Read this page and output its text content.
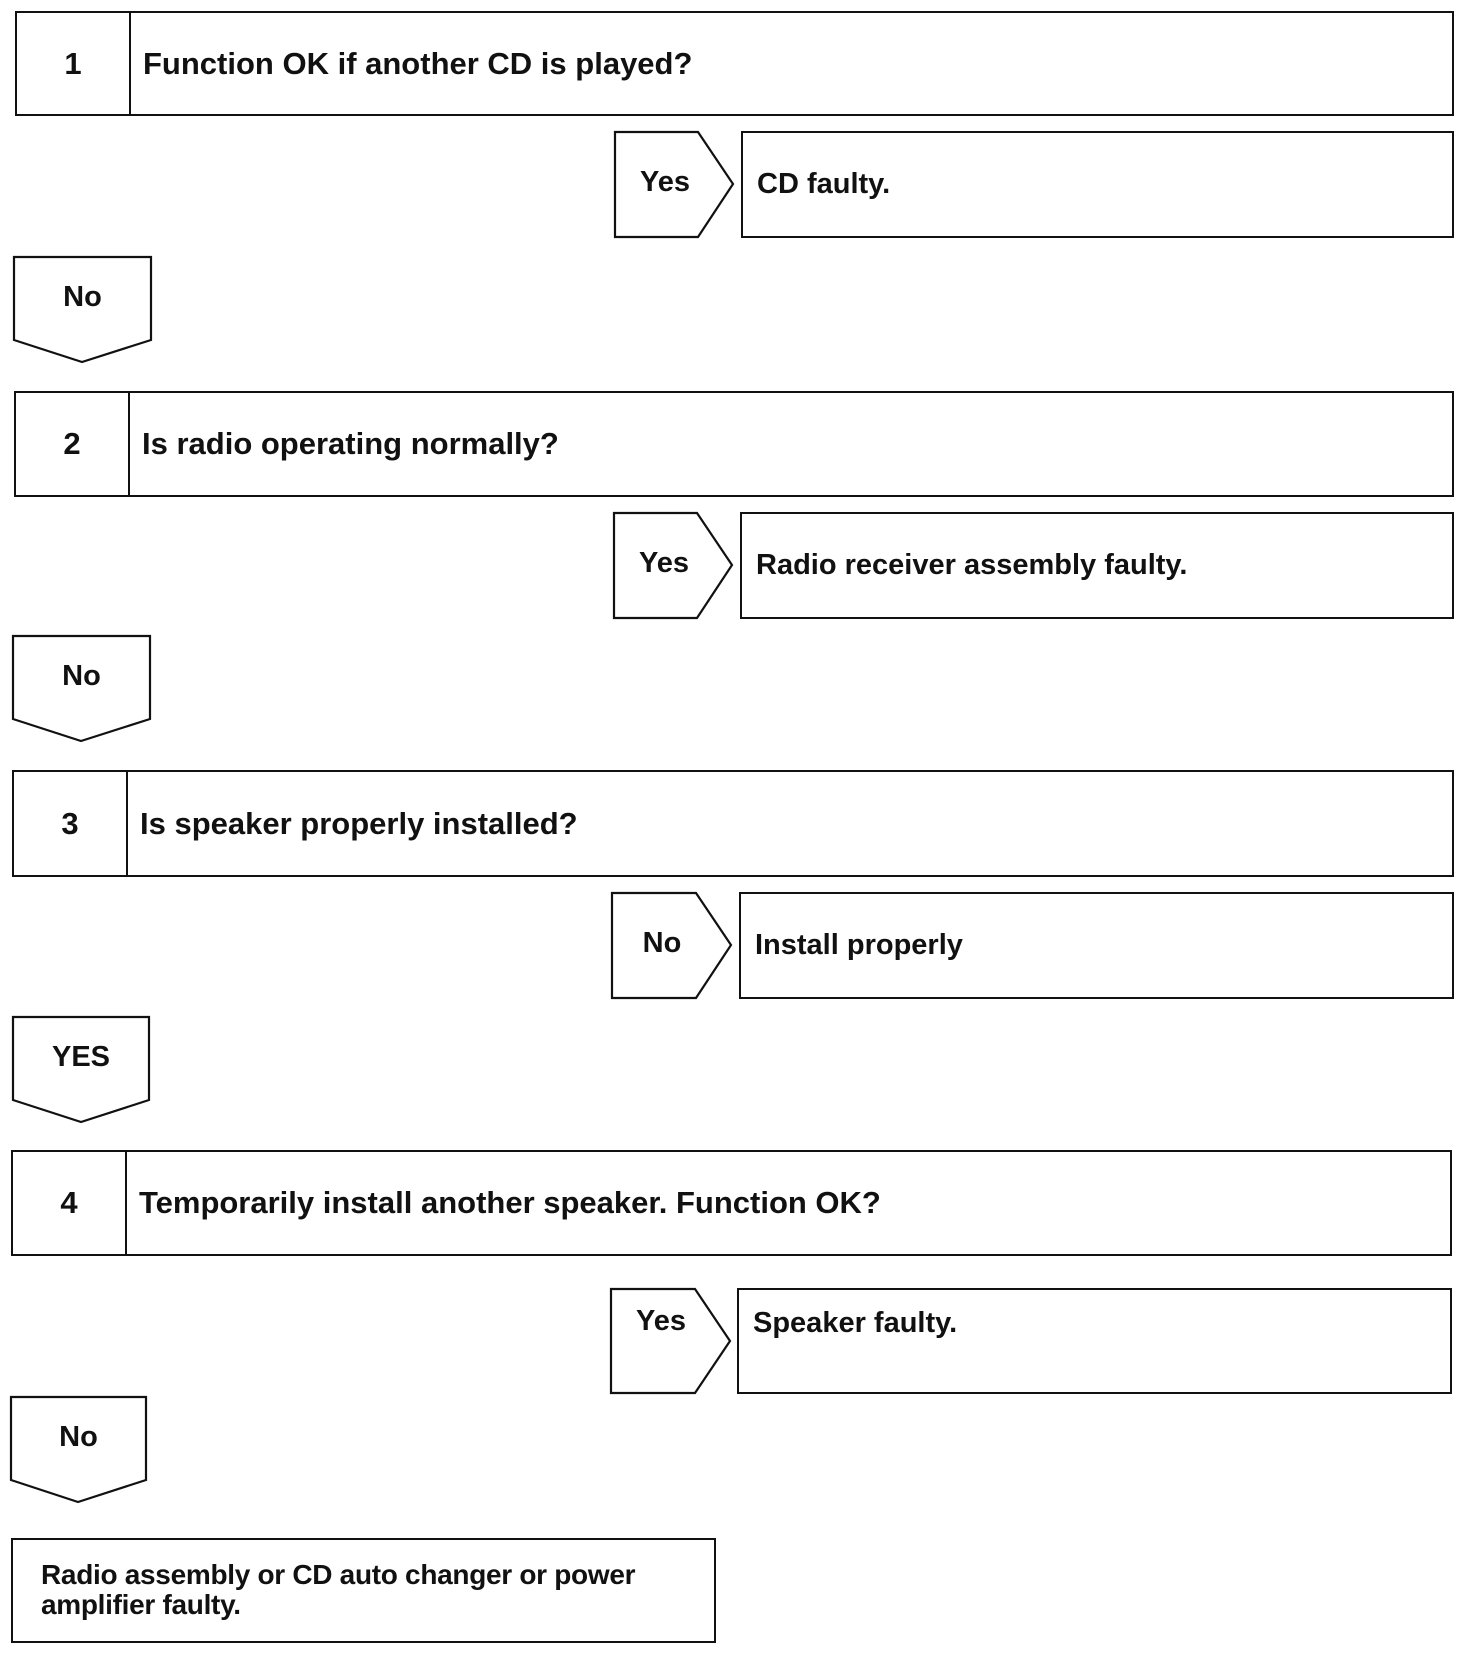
1	Function OK if another CD is played?
Yes	CD faulty.
No
2	Is radio operating normally?
Yes	Radio receiver assembly faulty.
No
3	Is speaker properly installed?
No	Install properly
YES
4	Temporarily install another speaker. Function OK?
Yes	Speaker faulty.
No
Radio assembly or CD auto changer or power
amplifier faulty.
